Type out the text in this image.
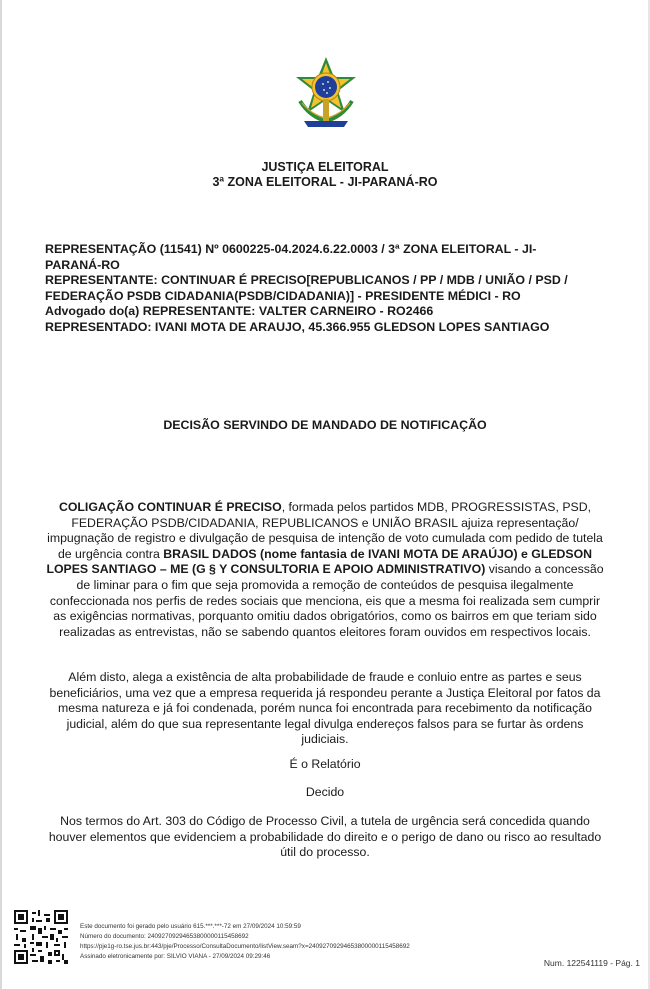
JUSTIÇA ELEITORAL
3ª ZONA ELEITORAL - JI-PARANÁ-RO
REPRESENTAÇÃO (11541) Nº 0600225-04.2024.6.22.0003 / 3ª ZONA ELEITORAL - JI-
PARANÁ-RO
REPRESENTANTE: CONTINUAR É PRECISO[REPUBLICANOS / PP / MDB / UNIÃO / PSD /
FEDERAÇÃO PSDB CIDADANIA(PSDB/CIDADANIA)] - PRESIDENTE MÉDICI - RO
Advogado do(a) REPRESENTANTE: VALTER CARNEIRO - RO2466
REPRESENTADO: IVANI MOTA DE ARAUJO, 45.366.955 GLEDSON LOPES SANTIAGO
DECISÃO SERVINDO DE MANDADO DE NOTIFICAÇÃO
COLIGAÇÃO CONTINUAR É PRECISO, formada pelos partidos MDB, PROGRESSISTAS, PSD, FEDERAÇÃO PSDB/CIDADANIA, REPUBLICANOS e UNIÃO BRASIL ajuiza representação/ impugnação de registro e divulgação de pesquisa de intenção de voto cumulada com pedido de tutela de urgência contra BRASIL DADOS (nome fantasia de IVANI MOTA DE ARAÚJO) e GLEDSON LOPES SANTIAGO – ME (G § Y CONSULTORIA E APOIO ADMINISTRATIVO) visando a concessão de liminar para o fim que seja promovida a remoção de conteúdos de pesquisa ilegalmente confeccionada nos perfis de redes sociais que menciona, eis que a mesma foi realizada sem cumprir as exigências normativas, porquanto omitiu dados obrigatórios, como os bairros em que teriam sido realizadas as entrevistas, não se sabendo quantos eleitores foram ouvidos em respectivos locais.
Além disto, alega a existência de alta probabilidade de fraude e conluio entre as partes e seus beneficiários, uma vez que a empresa requerida já respondeu perante a Justiça Eleitoral por fatos da mesma natureza e já foi condenada, porém nunca foi encontrada para recebimento da notificação judicial, além do que sua representante legal divulga endereços falsos para se furtar às ordens judiciais.
É o Relatório
Decido
Nos termos do Art. 303 do Código de Processo Civil, a tutela de urgência será concedida quando houver elementos que evidenciem a probabilidade do direito e o perigo de dano ou risco ao resultado útil do processo.
Este documento foi gerado pelo usuário 615.***.***-72 em 27/09/2024 10:59:59
Número do documento: 24092709294653800000115458692
https://pje1g-ro.tse.jus.br:443/pje/Processo/ConsultaDocumento/listView.seam?x=24092709294653800000115458692
Assinado eletronicamente por: SILVIO VIANA - 27/09/2024 09:29:46
Num. 122541119 - Pág. 1
